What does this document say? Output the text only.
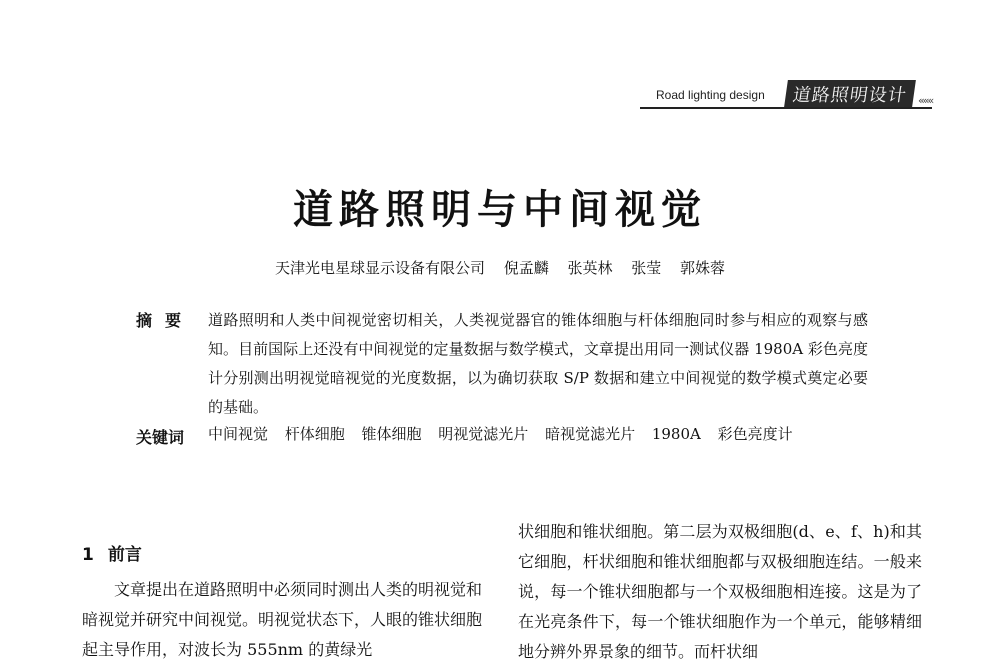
Road lighting design	道路照明设计 «««
道路照明与中间视觉
天津光电星球显示设备有限公司 倪孟麟 张英林 张莹 郭姝蓉
摘要 道路照明和人类中间视觉密切相关，人类视觉器官的锥体细胞与杆体细胞同时参与相应的观察与感知。目前国际上还没有中间视觉的定量数据与数学模式，文章提出用同一测试仪器 1980A 彩色亮度计分别测出明视觉暗视觉的光度数据，以为确切获取 S/P 数据和建立中间视觉的数学模式奠定必要的基础。
关键词 中间视觉 杆体细胞 锥体细胞 明视觉滤光片 暗视觉滤光片 1980A 彩色亮度计
1 前言
文章提出在道路照明中必须同时测出人类的明视觉和暗视觉并研究中间视觉。明视觉状态下，人眼的锥状细胞起主导作用，对波长为 555nm 的黄绿光
状细胞和锥状细胞。第二层为双极细胞(d、e、f、h)和其它细胞，杆状细胞和锥状细胞都与双极细胞连结。一般来说，每一个锥状细胞都与一个双极细胞相连接。这是为了在光亮条件下，每一个锥状细胞作为一个单元，能够精细地分辨外界景象的细节。而杆状细
